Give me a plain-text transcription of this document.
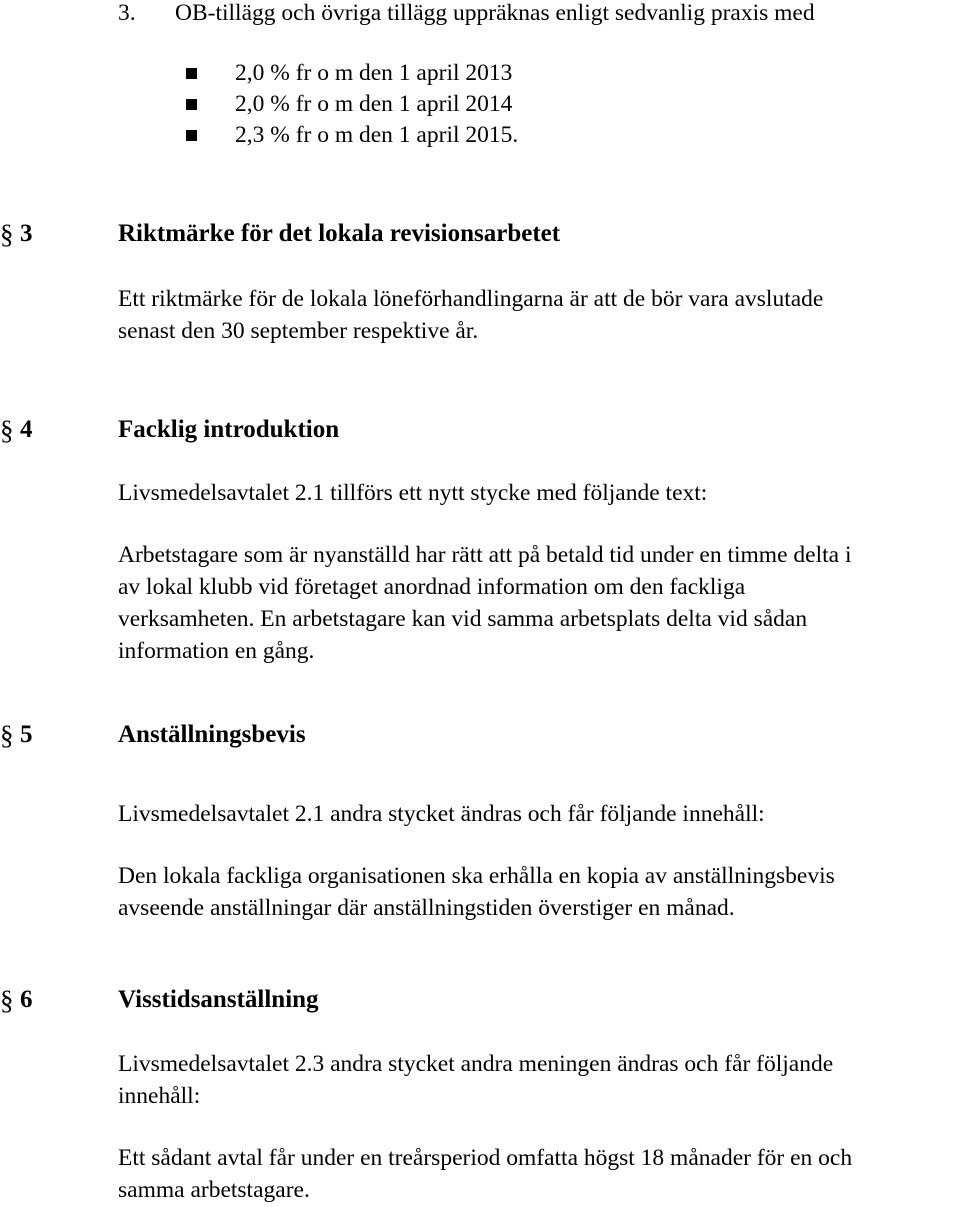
3. OB-tillägg och övriga tillägg uppräknas enligt sedvanlig praxis med
2,0 % fr o m den 1 april 2013
2,0 % fr o m den 1 april 2014
2,3 % fr o m den 1 april 2015.
§ 3	Riktmärke för det lokala revisionsarbetet
Ett riktmärke för de lokala löneförhandlingarna är att de bör vara avslutade
senast den 30 september respektive år.
§ 4	Facklig introduktion
Livsmedelsavtalet 2.1 tillförs ett nytt stycke med följande text:
Arbetstagare som är nyanställd har rätt att på betald tid under en timme delta i
av lokal klubb vid företaget anordnad information om den fackliga
verksamheten. En arbetstagare kan vid samma arbetsplats delta vid sådan
information en gång.
§ 5	Anställningsbevis
Livsmedelsavtalet 2.1 andra stycket ändras och får följande innehåll:
Den lokala fackliga organisationen ska erhålla en kopia av anställningsbevis
avseende anställningar där anställningstiden överstiger en månad.
§ 6	Visstidsanställning
Livsmedelsavtalet 2.3 andra stycket andra meningen ändras och får följande
innehåll:
Ett sådant avtal får under en treårsperiod omfatta högst 18 månader för en och
samma arbetstagare.
